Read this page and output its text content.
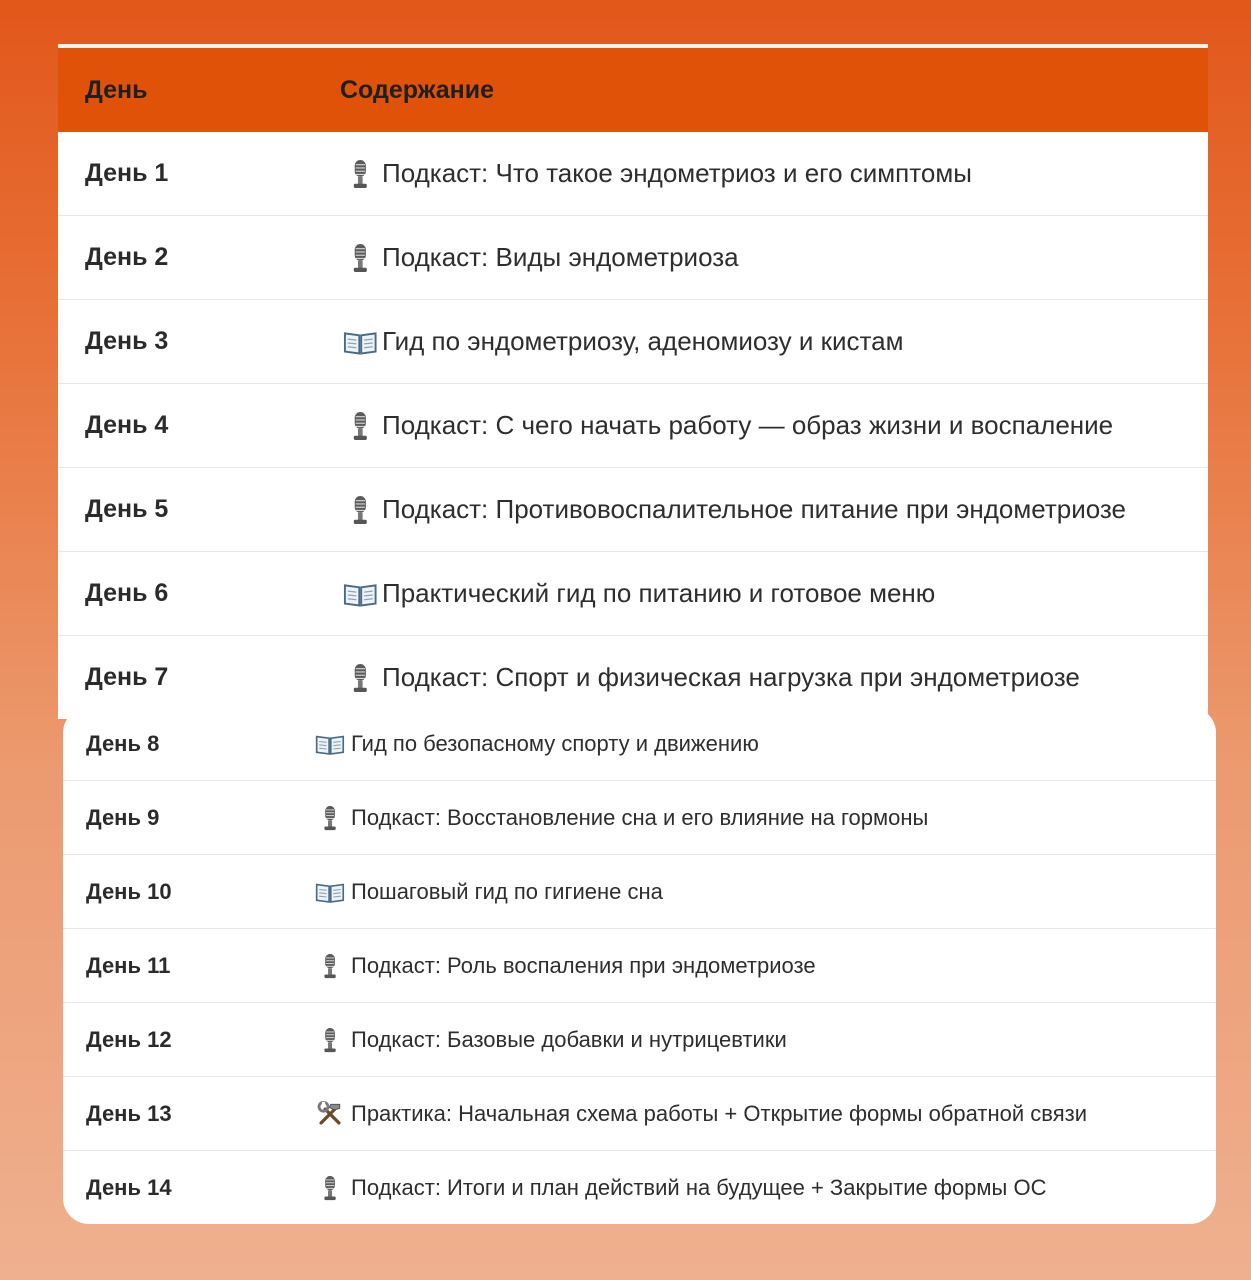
День	Содержание
День 1	Подкаст: Что такое эндометриоз и его симптомы
День 2	Подкаст: Виды эндометриоза
День 3	Гид по эндометриозу, аденомиозу и кистам
День 4	Подкаст: С чего начать работу — образ жизни и воспаление
День 5	Подкаст: Противовоспалительное питание при эндометриозе
День 6	Практический гид по питанию и готовое меню
День 7	Подкаст: Спорт и физическая нагрузка при эндометриозе
День 8	Гид по безопасному спорту и движению
День 9	Подкаст: Восстановление сна и его влияние на гормоны
День 10	Пошаговый гид по гигиене сна
День 11	Подкаст: Роль воспаления при эндометриозе
День 12	Подкаст: Базовые добавки и нутрицевтики
День 13	Практика: Начальная схема работы + Открытие формы обратной связи
День 14	Подкаст: Итоги и план действий на будущее + Закрытие формы ОС
